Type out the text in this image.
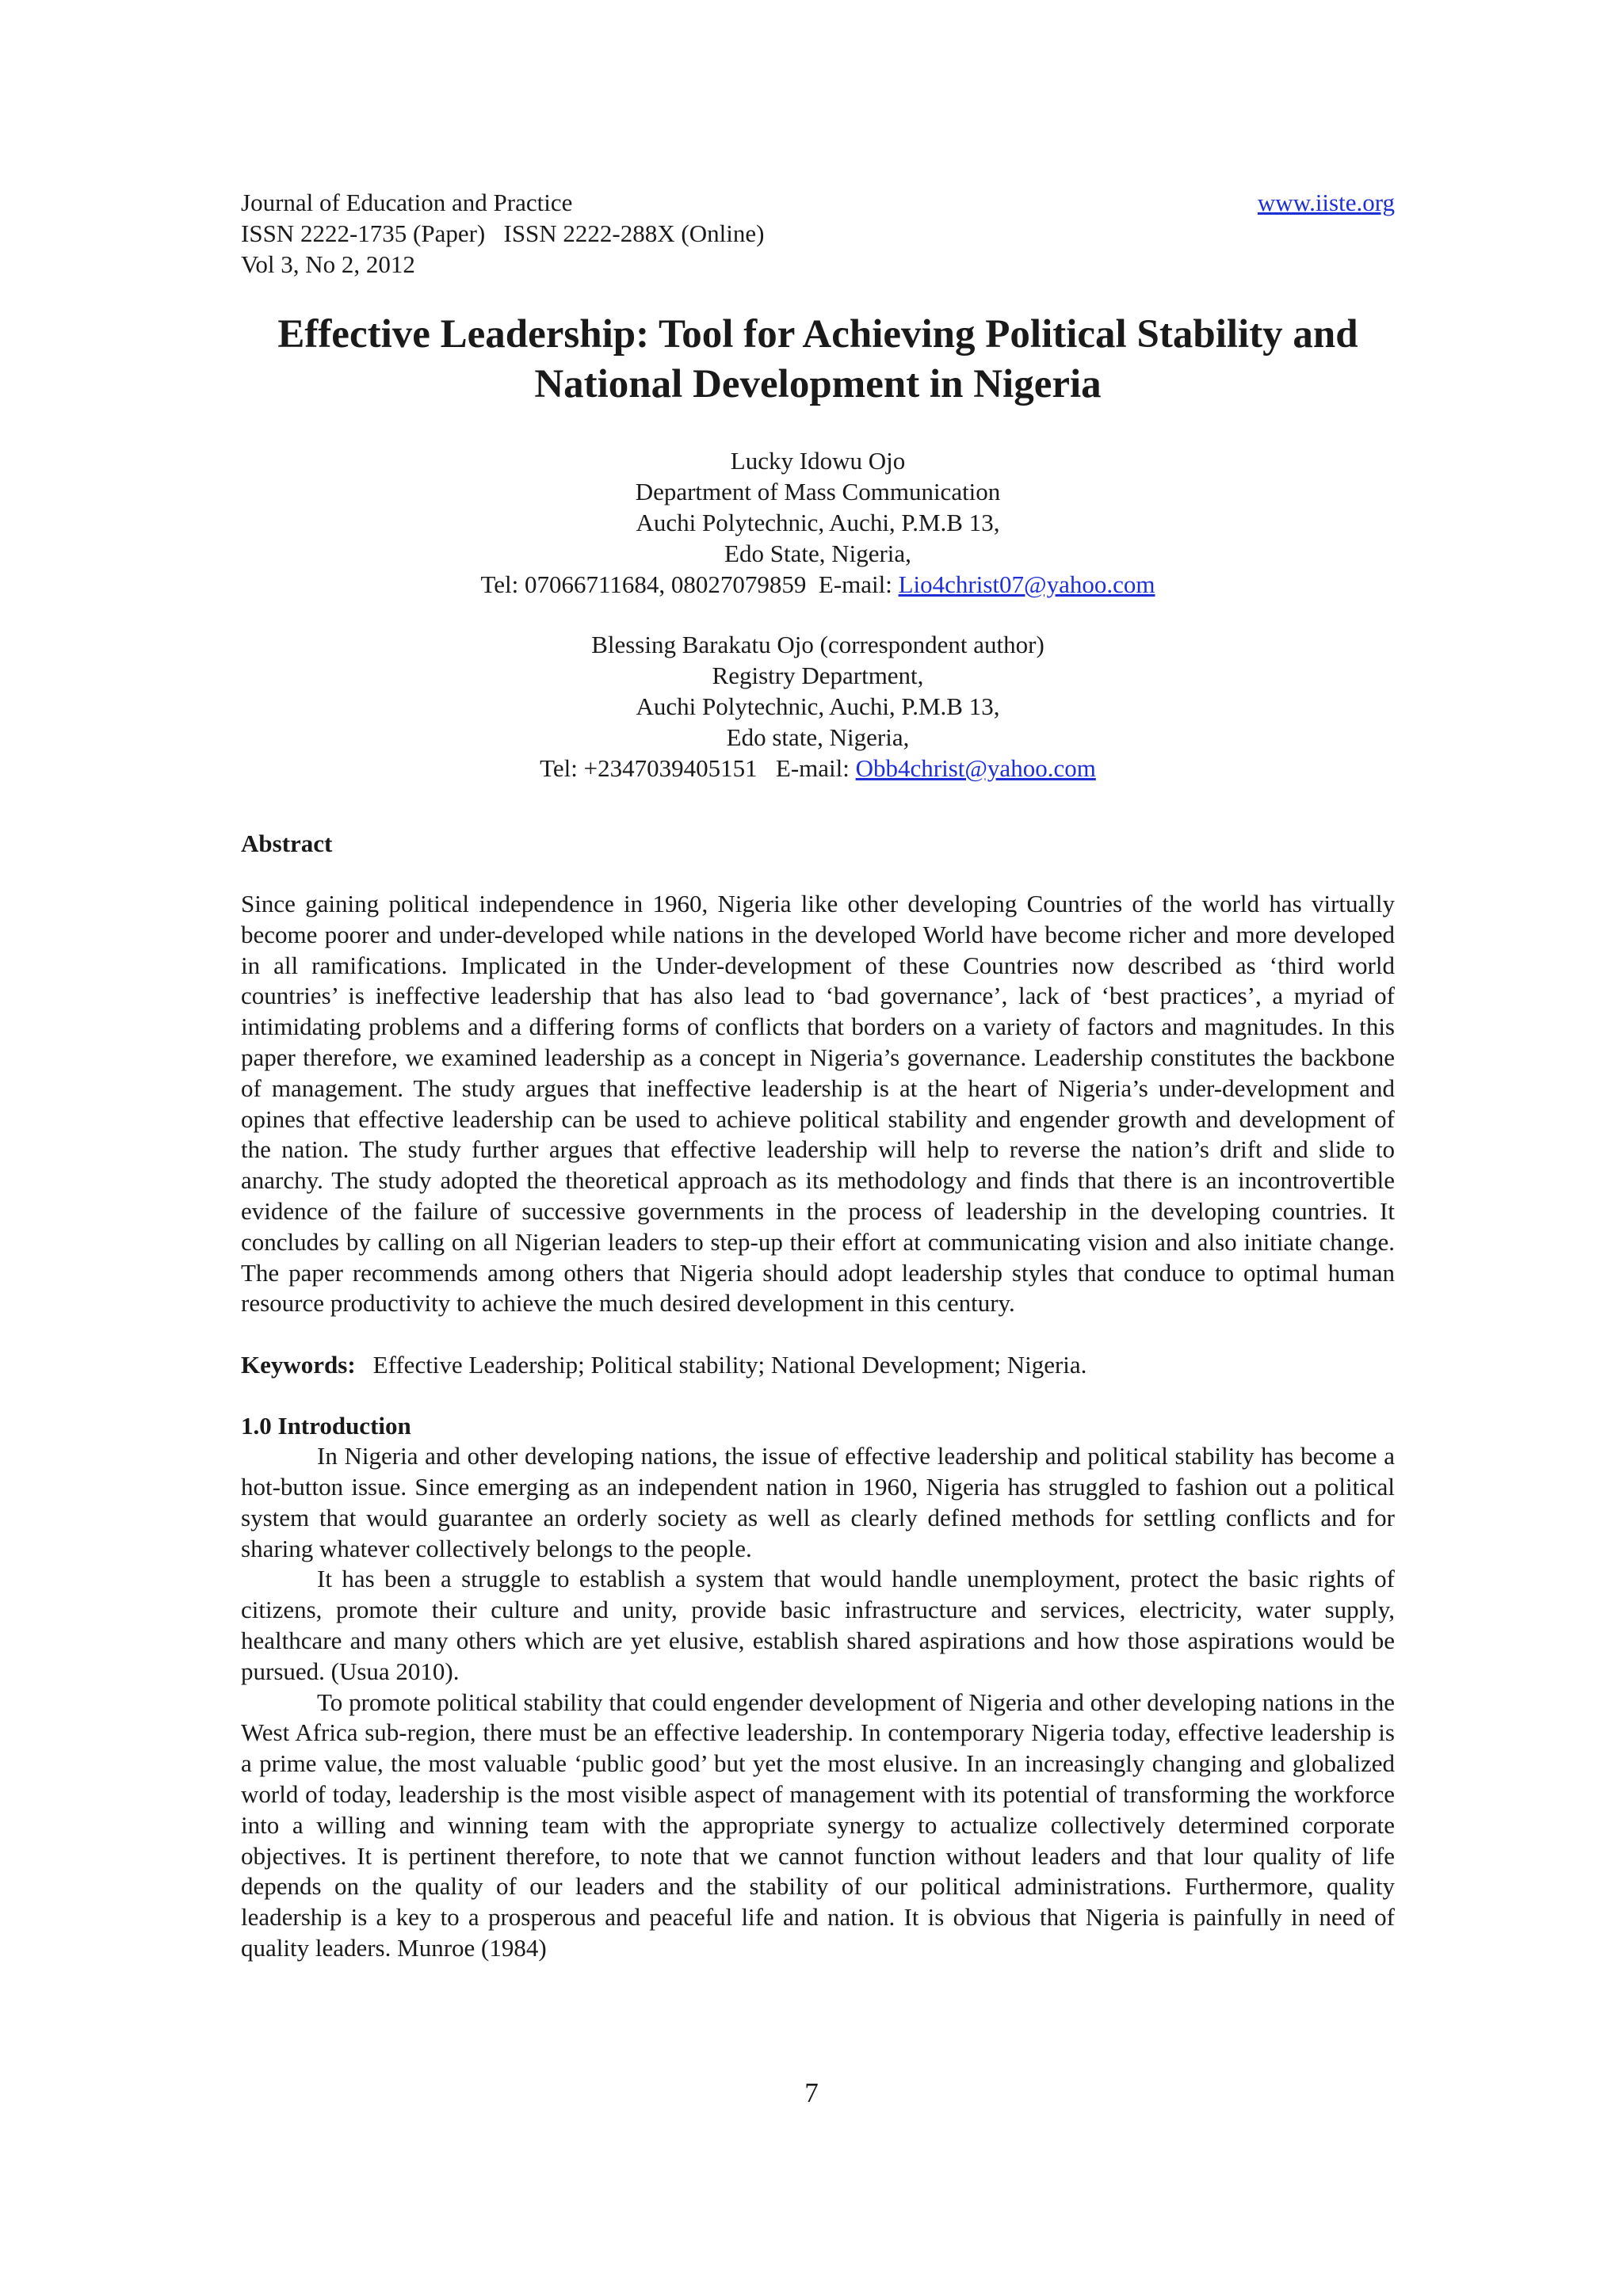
Journal of Education and Practice
ISSN 2222-1735 (Paper)   ISSN 2222-288X (Online)
Vol 3, No 2, 2012
www.iiste.org
Effective Leadership: Tool for Achieving Political Stability and
National Development in Nigeria
Lucky Idowu Ojo
Department of Mass Communication
Auchi Polytechnic, Auchi, P.M.B 13,
Edo State, Nigeria,
Tel: 07066711684, 08027079859  E-mail: Lio4christ07@yahoo.com
Blessing Barakatu Ojo (correspondent author)
Registry Department,
Auchi Polytechnic, Auchi, P.M.B 13,
Edo state, Nigeria,
Tel: +2347039405151   E-mail: Obb4christ@yahoo.com
Abstract
Since gaining political independence in 1960, Nigeria like other developing Countries of the world has virtually become poorer and under-developed while nations in the developed World have become richer and more developed in all ramifications. Implicated in the Under-development of these Countries now described as ‘third world countries’ is ineffective leadership that has also lead to ‘bad governance’, lack of ‘best practices’, a myriad of intimidating problems and a differing forms of conflicts that borders on a variety of factors and magnitudes. In this paper therefore, we examined leadership as a concept in Nigeria’s governance. Leadership constitutes the backbone of management. The study argues that ineffective leadership is at the heart of Nigeria’s under-development and opines that effective leadership can be used to achieve political stability and engender growth and development of the nation. The study further argues that effective leadership will help to reverse the nation’s drift and slide to anarchy. The study adopted the theoretical approach as its methodology and finds that there is an incontrovertible evidence of the failure of successive governments in the process of leadership in the developing countries. It concludes by calling on all Nigerian leaders to step-up their effort at communicating vision and also initiate change. The paper recommends among others that Nigeria should adopt leadership styles that conduce to optimal human resource productivity to achieve the much desired development in this century.
Keywords: Effective Leadership; Political stability; National Development; Nigeria.
1.0 Introduction

In Nigeria and other developing nations, the issue of effective leadership and political stability has become a hot-button issue. Since emerging as an independent nation in 1960, Nigeria has struggled to fashion out a political system that would guarantee an orderly society as well as clearly defined methods for settling conflicts and for sharing whatever collectively belongs to the people.

It has been a struggle to establish a system that would handle unemployment, protect the basic rights of citizens, promote their culture and unity, provide basic infrastructure and services, electricity, water supply, healthcare and many others which are yet elusive, establish shared aspirations and how those aspirations would be pursued. (Usua 2010).

To promote political stability that could engender development of Nigeria and other developing nations in the West Africa sub-region, there must be an effective leadership. In contemporary Nigeria today, effective leadership is a prime value, the most valuable ‘public good’ but yet the most elusive. In an increasingly changing and globalized world of today, leadership is the most visible aspect of management with its potential of transforming the workforce into a willing and winning team with the appropriate synergy to actualize collectively determined corporate objectives. It is pertinent therefore, to note that we cannot function without leaders and that lour quality of life depends on the quality of our leaders and the stability of our political administrations. Furthermore, quality leadership is a key to a prosperous and peaceful life and nation. It is obvious that Nigeria is painfully in need of quality leaders. Munroe (1984)

7
